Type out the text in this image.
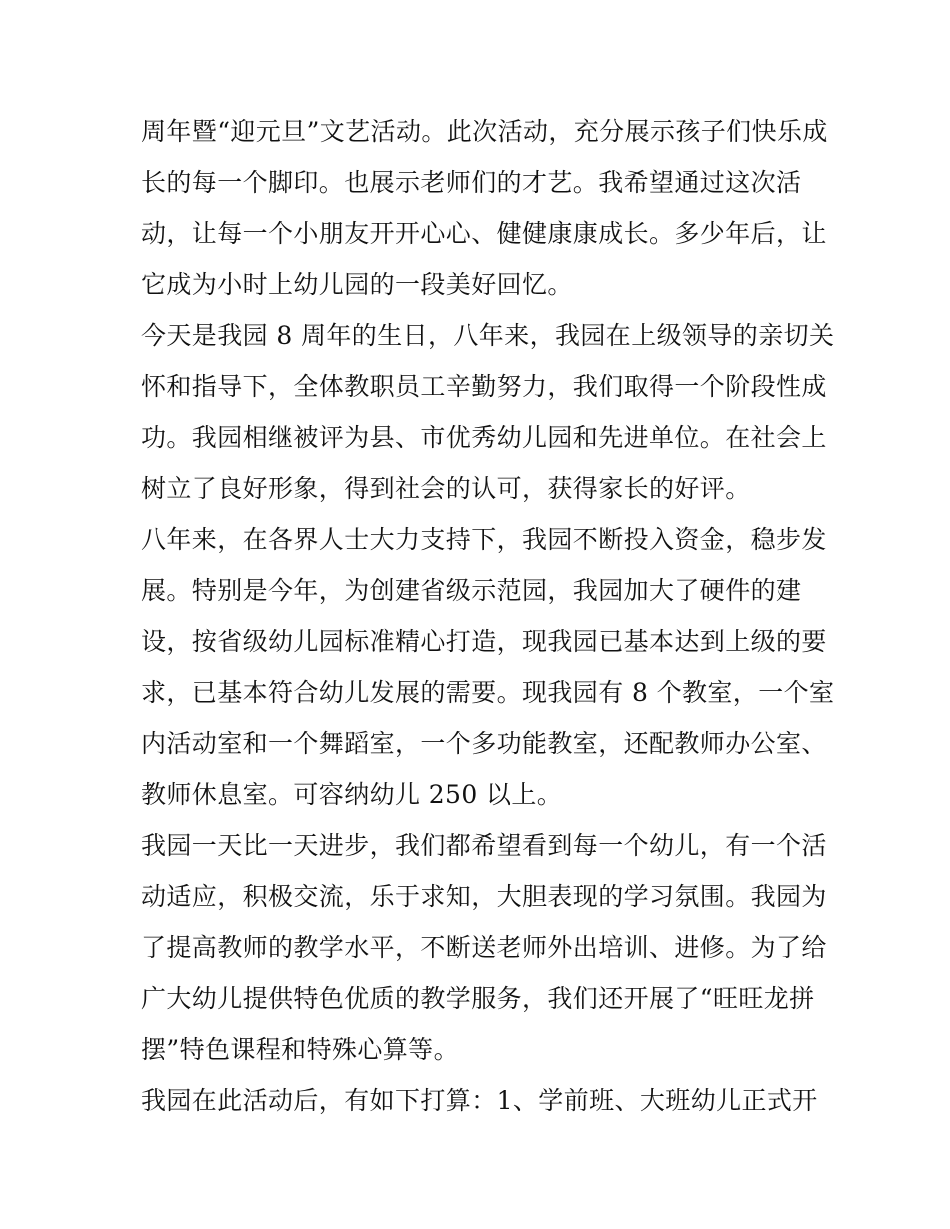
周年暨“迎元旦”文艺活动。此次活动，充分展示孩子们快乐成
长的每一个脚印。也展示老师们的才艺。我希望通过这次活
动，让每一个小朋友开开心心、健健康康成长。多少年后，让
它成为小时上幼儿园的一段美好回忆。
今天是我园 8 周年的生日，八年来，我园在上级领导的亲切关
怀和指导下，全体教职员工辛勤努力，我们取得一个阶段性成
功。我园相继被评为县、市优秀幼儿园和先进单位。在社会上
树立了良好形象，得到社会的认可，获得家长的好评。
八年来，在各界人士大力支持下，我园不断投入资金，稳步发
展。特别是今年，为创建省级示范园，我园加大了硬件的建
设，按省级幼儿园标准精心打造，现我园已基本达到上级的要
求，已基本符合幼儿发展的需要。现我园有 8 个教室，一个室
内活动室和一个舞蹈室，一个多功能教室，还配教师办公室、
教师休息室。可容纳幼儿 250 以上。
我园一天比一天进步，我们都希望看到每一个幼儿，有一个活
动适应，积极交流，乐于求知，大胆表现的学习氛围。我园为
了提高教师的教学水平，不断送老师外出培训、进修。为了给
广大幼儿提供特色优质的教学服务，我们还开展了“旺旺龙拼
摆”特色课程和特殊心算等。
我园在此活动后，有如下打算：1、学前班、大班幼儿正式开
